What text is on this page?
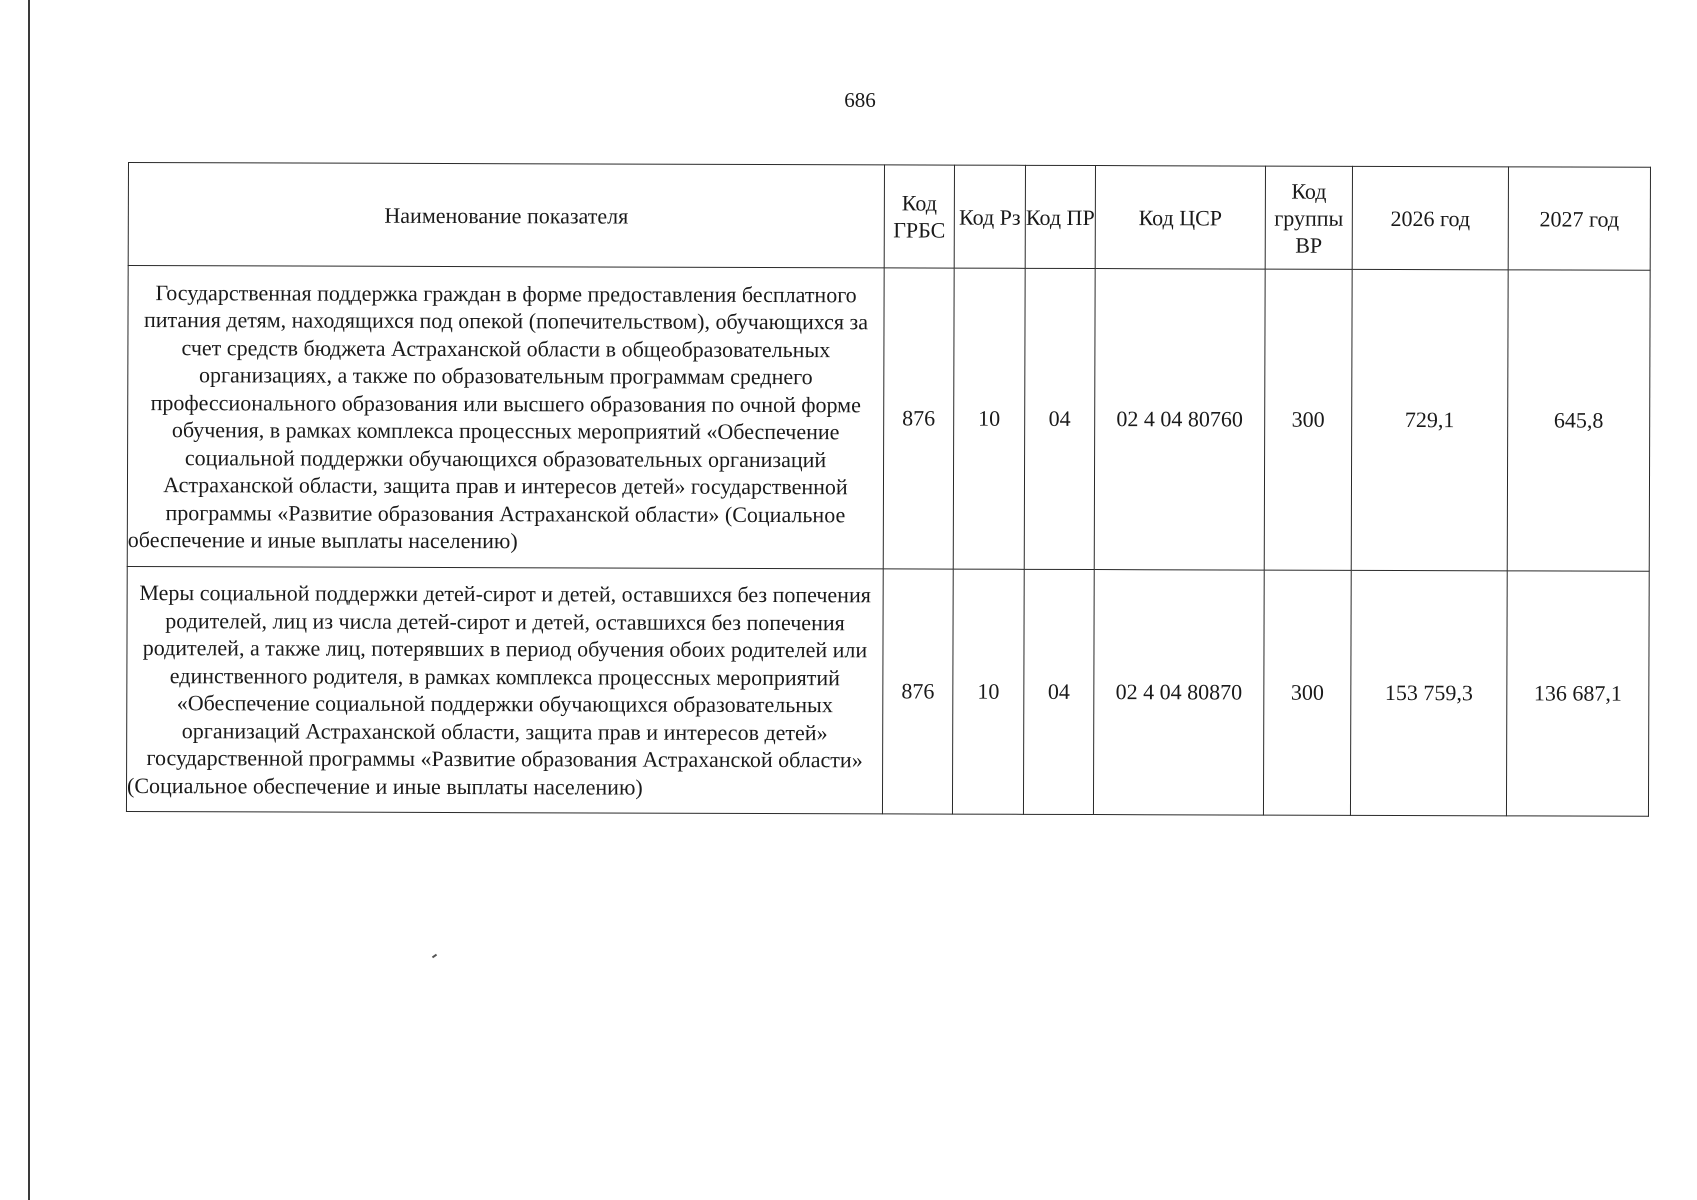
686
Наименование показателя	Код ГРБС	Код Рз	Код ПР	Код ЦСР	Код группы ВР	2026 год	2027 год
Государственная поддержка граждан в форме предоставления бесплатного питания детям, находящихся под опекой (попечительством), обучающихся за счет средств бюджета Астраханской области в общеобразовательных организациях, а также по образовательным программам среднего профессионального образования или высшего образования по очной форме обучения, в рамках комплекса процессных мероприятий «Обеспечение социальной поддержки обучающихся образовательных организаций Астраханской области, защита прав и интересов детей» государственной программы «Развитие образования Астраханской области» (Социальное обеспечение и иные выплаты населению)	876	10	04	02 4 04 80760	300	729,1	645,8
Меры социальной поддержки детей-сирот и детей, оставшихся без попечения родителей, лиц из числа детей-сирот и детей, оставшихся без попечения родителей, а также лиц, потерявших в период обучения обоих родителей или единственного родителя, в рамках комплекса процессных мероприятий «Обеспечение социальной поддержки обучающихся образовательных организаций Астраханской области, защита прав и интересов детей» государственной программы «Развитие образования Астраханской области» (Социальное обеспечение и иные выплаты населению)	876	10	04	02 4 04 80870	300	153 759,3	136 687,1
